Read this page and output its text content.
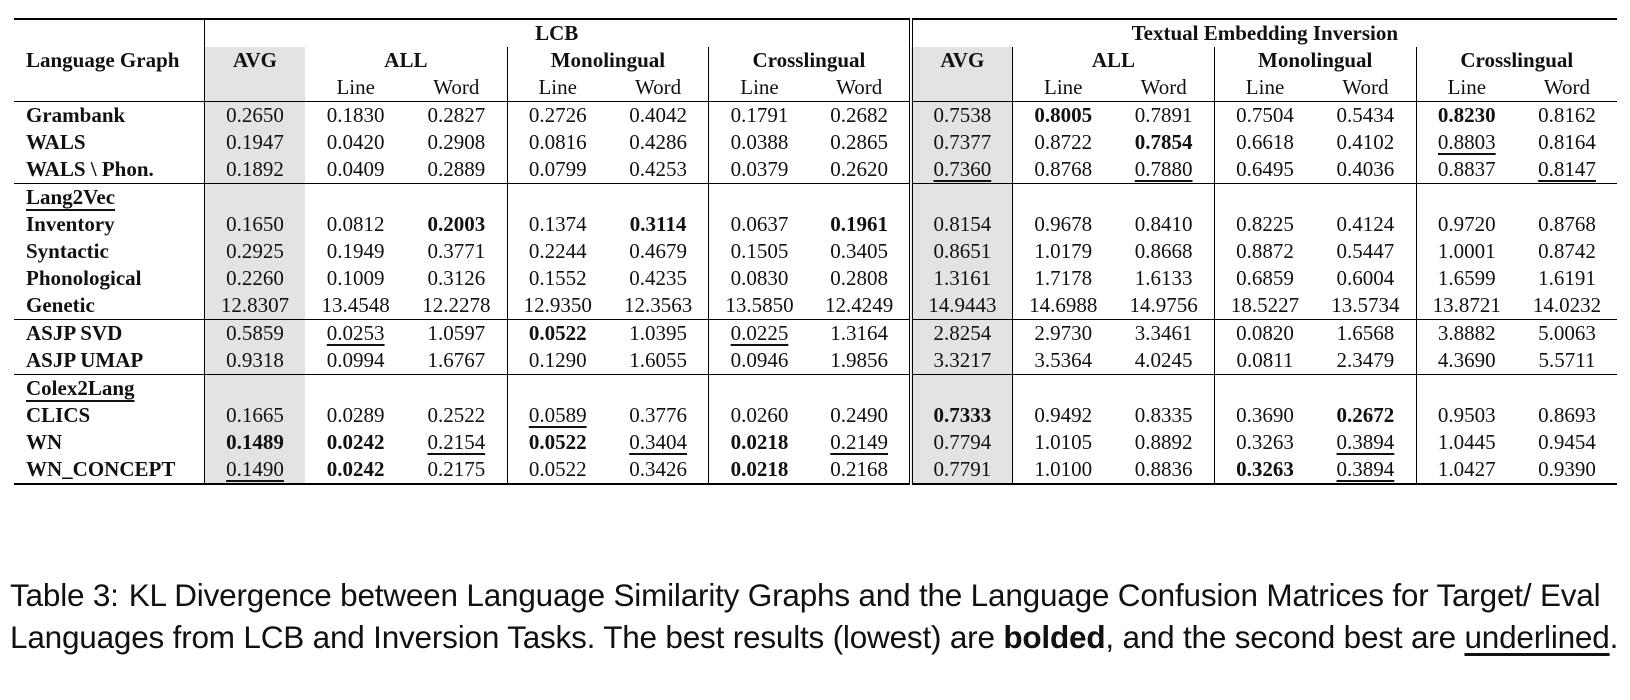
	LCB							Textual Embedding Inversion						
Language Graph	AVG	ALL		Monolingual		Crosslingual		AVG	ALL		Monolingual		Crosslingual	
		Line	Word	Line	Word	Line	Word		Line	Word	Line	Word	Line	Word
Grambank	0.2650	0.1830	0.2827	0.2726	0.4042	0.1791	0.2682	0.7538	0.8005	0.7891	0.7504	0.5434	0.8230	0.8162
WALS	0.1947	0.0420	0.2908	0.0816	0.4286	0.0388	0.2865	0.7377	0.8722	0.7854	0.6618	0.4102	0.8803	0.8164
WALS \ Phon.	0.1892	0.0409	0.2889	0.0799	0.4253	0.0379	0.2620	0.7360	0.8768	0.7880	0.6495	0.4036	0.8837	0.8147
Lang2Vec														
Inventory	0.1650	0.0812	0.2003	0.1374	0.3114	0.0637	0.1961	0.8154	0.9678	0.8410	0.8225	0.4124	0.9720	0.8768
Syntactic	0.2925	0.1949	0.3771	0.2244	0.4679	0.1505	0.3405	0.8651	1.0179	0.8668	0.8872	0.5447	1.0001	0.8742
Phonological	0.2260	0.1009	0.3126	0.1552	0.4235	0.0830	0.2808	1.3161	1.7178	1.6133	0.6859	0.6004	1.6599	1.6191
Genetic	12.8307	13.4548	12.2278	12.9350	12.3563	13.5850	12.4249	14.9443	14.6988	14.9756	18.5227	13.5734	13.8721	14.0232
ASJP SVD	0.5859	0.0253	1.0597	0.0522	1.0395	0.0225	1.3164	2.8254	2.9730	3.3461	0.0820	1.6568	3.8882	5.0063
ASJP UMAP	0.9318	0.0994	1.6767	0.1290	1.6055	0.0946	1.9856	3.3217	3.5364	4.0245	0.0811	2.3479	4.3690	5.5711
Colex2Lang														
CLICS	0.1665	0.0289	0.2522	0.0589	0.3776	0.0260	0.2490	0.7333	0.9492	0.8335	0.3690	0.2672	0.9503	0.8693
WN	0.1489	0.0242	0.2154	0.0522	0.3404	0.0218	0.2149	0.7794	1.0105	0.8892	0.3263	0.3894	1.0445	0.9454
WN_CONCEPT	0.1490	0.0242	0.2175	0.0522	0.3426	0.0218	0.2168	0.7791	1.0100	0.8836	0.3263	0.3894	1.0427	0.9390
Table 3: KL Divergence between Language Similarity Graphs and the Language Confusion Matrices for Target/ Eval Languages from LCB and Inversion Tasks. The best results (lowest) are bolded, and the second best are underlined.
